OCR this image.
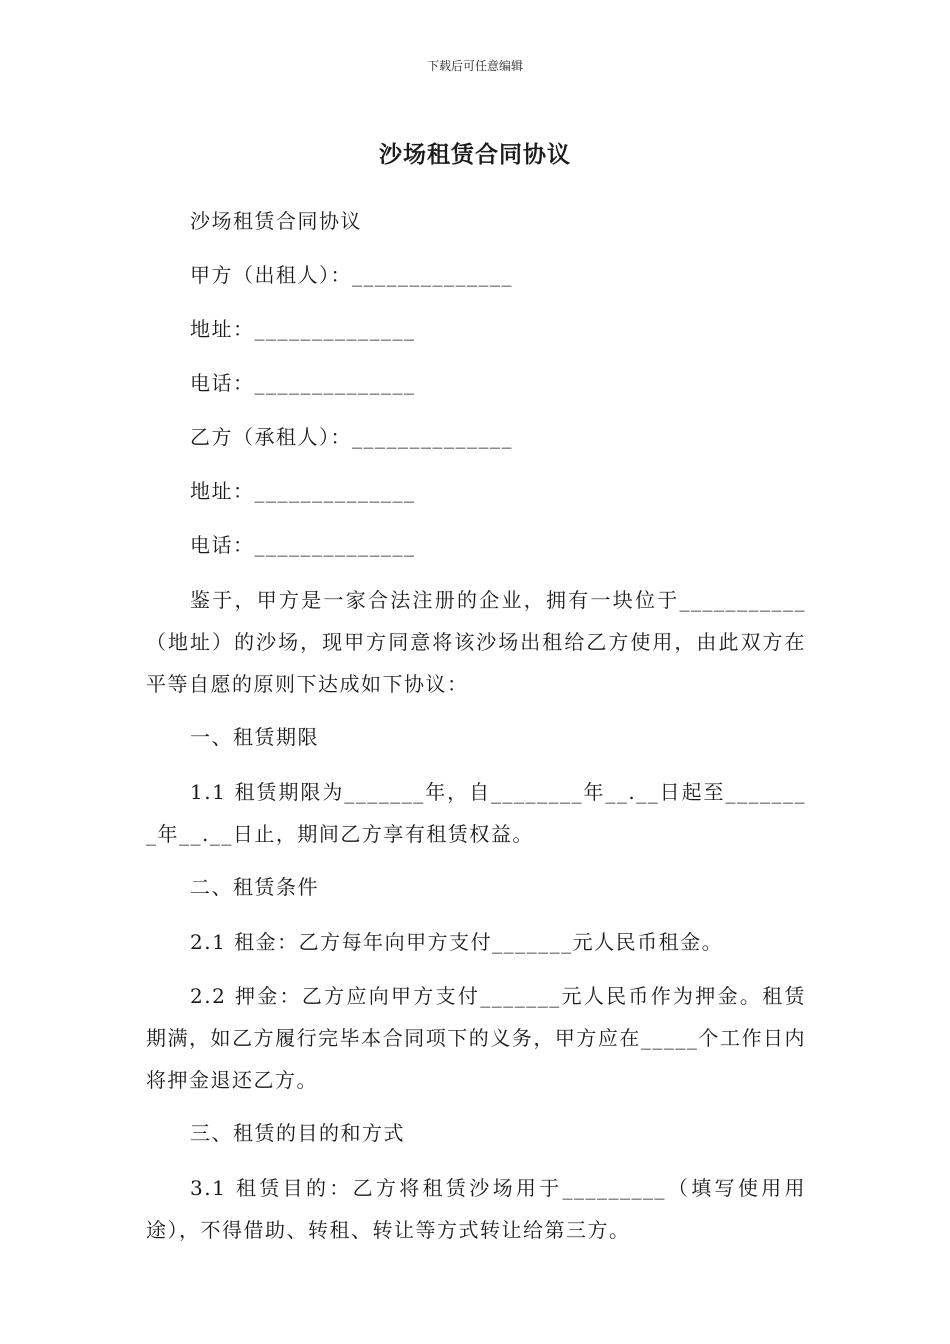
下载后可任意编辑
沙场租赁合同协议
沙场租赁合同协议
甲方（出租人）：______________
地址：______________
电话：______________
乙方（承租人）：______________
地址：______________
电话：______________
鉴于，甲方是一家合法注册的企业，拥有一块位于___________（地址）的沙场，现甲方同意将该沙场出租给乙方使用，由此双方在平等自愿的原则下达成如下协议：
一、租赁期限
1.1 租赁期限为_______年，自________年__.__日起至________年__.__日止，期间乙方享有租赁权益。
二、租赁条件
2.1 租金：乙方每年向甲方支付_______元人民币租金。
2.2 押金：乙方应向甲方支付_______元人民币作为押金。租赁期满，如乙方履行完毕本合同项下的义务，甲方应在_____个工作日内将押金退还乙方。
三、租赁的目的和方式
3.1 租赁目的：乙方将租赁沙场用于_________（填写使用用途），不得借助、转租、转让等方式转让给第三方。
